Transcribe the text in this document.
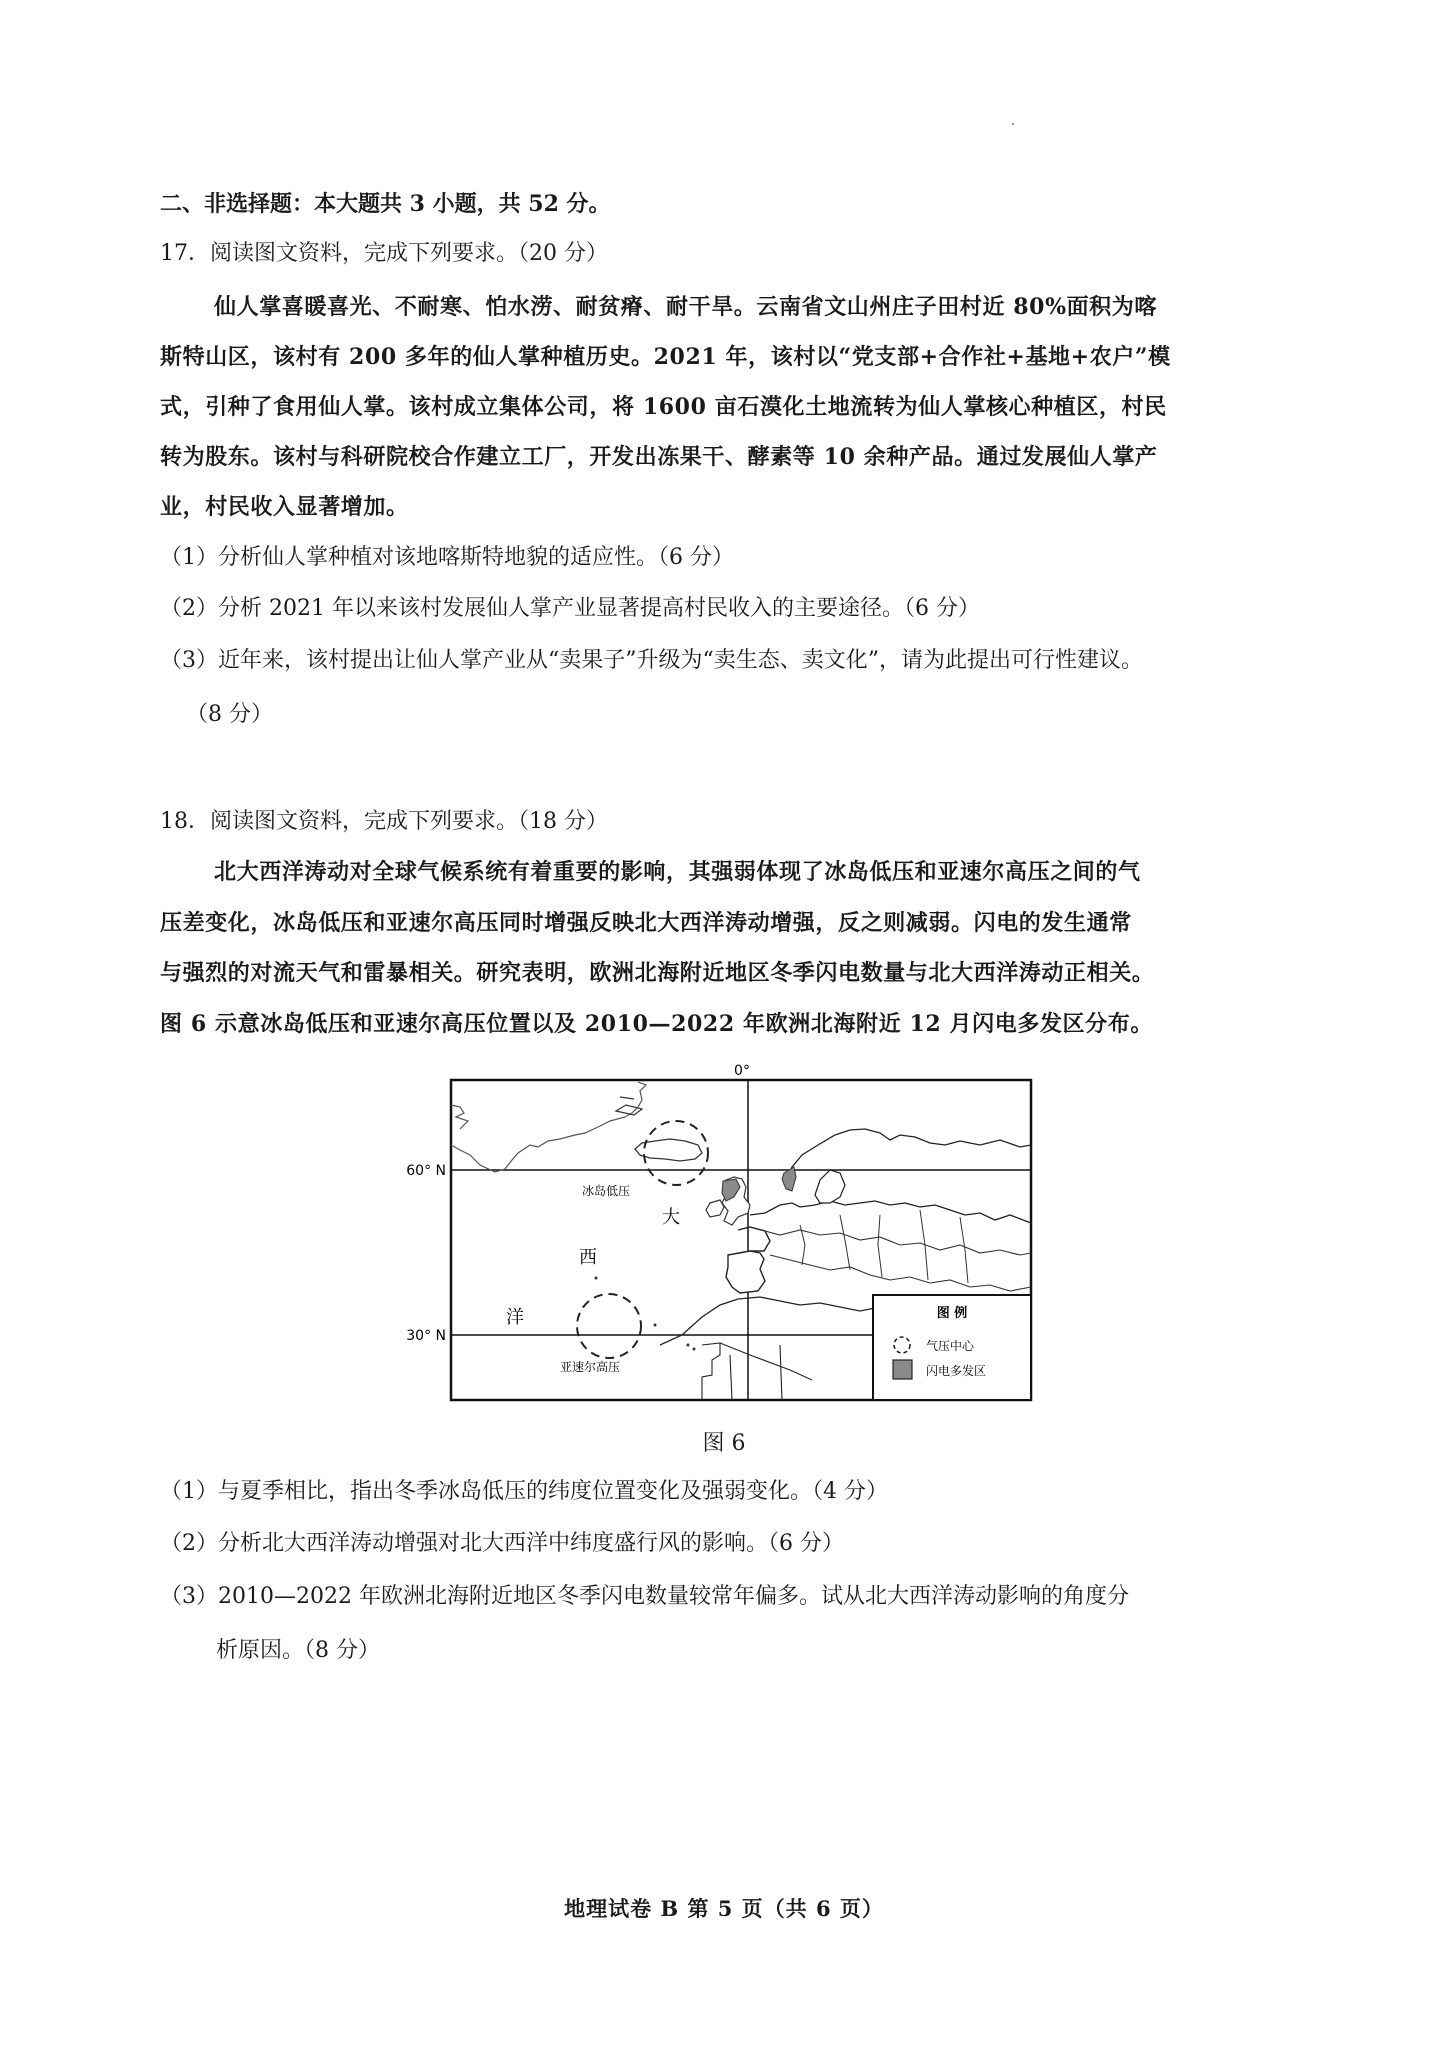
二、非选择题：本大题共 3 小题，共 52 分。
17．阅读图文资料，完成下列要求。（20 分）
仙人掌喜暖喜光、不耐寒、怕水涝、耐贫瘠、耐干旱。云南省文山州庄子田村近 80%面积为喀
斯特山区，该村有 200 多年的仙人掌种植历史。2021 年，该村以“党支部+合作社+基地+农户”模
式，引种了食用仙人掌。该村成立集体公司，将 1600 亩石漠化土地流转为仙人掌核心种植区，村民
转为股东。该村与科研院校合作建立工厂，开发出冻果干、酵素等 10 余种产品。通过发展仙人掌产
业，村民收入显著增加。
（1）分析仙人掌种植对该地喀斯特地貌的适应性。（6 分）
（2）分析 2021 年以来该村发展仙人掌产业显著提高村民收入的主要途径。（6 分）
（3）近年来，该村提出让仙人掌产业从“卖果子”升级为“卖生态、卖文化”，请为此提出可行性建议。
（8 分）
18．阅读图文资料，完成下列要求。（18 分）
北大西洋涛动对全球气候系统有着重要的影响，其强弱体现了冰岛低压和亚速尔高压之间的气
压差变化，冰岛低压和亚速尔高压同时增强反映北大西洋涛动增强，反之则减弱。闪电的发生通常
与强烈的对流天气和雷暴相关。研究表明，欧洲北海附近地区冬季闪电数量与北大西洋涛动正相关。
图 6 示意冰岛低压和亚速尔高压位置以及 2010—2022 年欧洲北海附近 12 月闪电多发区分布。
0°
60° N
30° N
冰岛低压
亚速尔高压
大
西
洋	图 例
气压中心
闪电多发区
图 6
（1）与夏季相比，指出冬季冰岛低压的纬度位置变化及强弱变化。（4 分）
（2）分析北大西洋涛动增强对北大西洋中纬度盛行风的影响。（6 分）
（3）2010—2022 年欧洲北海附近地区冬季闪电数量较常年偏多。试从北大西洋涛动影响的角度分
析原因。（8 分）
地理试卷 B 第 5 页（共 6 页）
